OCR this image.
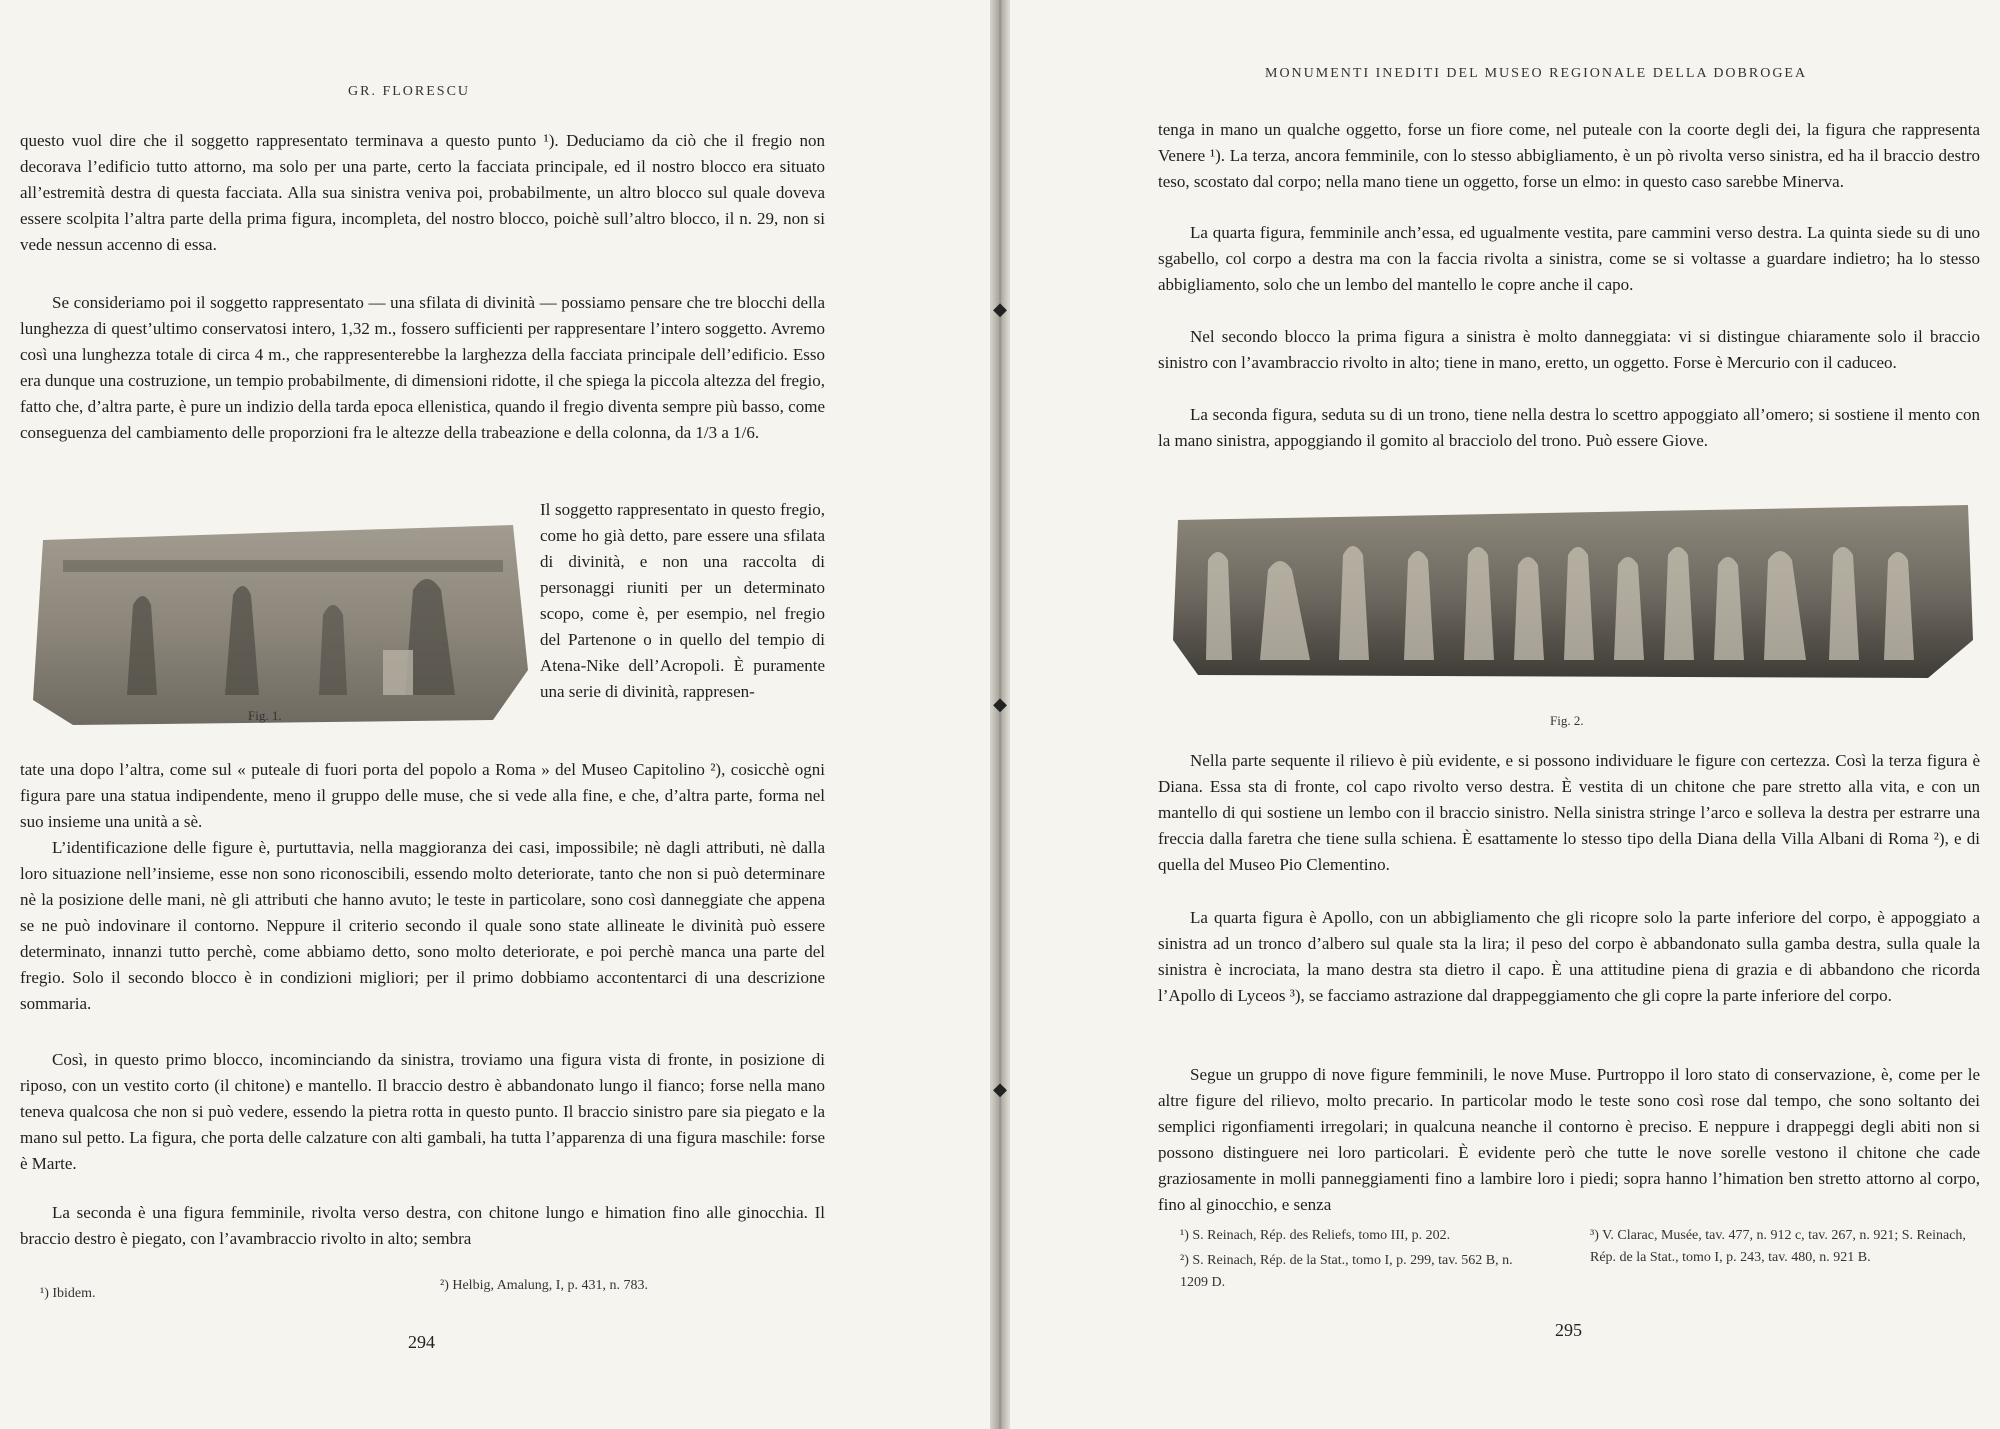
GR. FLORESCU

questo vuol dire che il soggetto rappresentato terminava a questo punto ¹). Deduciamo da ciò che il fregio non decorava l’edificio tutto attorno, ma solo per una parte, certo la facciata principale, ed il nostro blocco era situato all’estremità destra di questa facciata. Alla sua sinistra veniva poi, probabilmente, un altro blocco sul quale doveva essere scolpita l’altra parte della prima figura, incompleta, del nostro blocco, poichè sull’altro blocco, il n. 29, non si vede nessun accenno di essa.

Se consideriamo poi il soggetto rappresentato — una sfilata di divinità — possiamo pensare che tre blocchi della lunghezza di quest’ultimo conservatosi intero, 1,32 m., fossero sufficienti per rappresentare l’intero soggetto. Avremo così una lunghezza totale di circa 4 m., che rappresenterebbe la larghezza della facciata principale dell’edificio. Esso era dunque una costruzione, un tempio probabilmente, di dimensioni ridotte, il che spiega la piccola altezza del fregio, fatto che, d’altra parte, è pure un indizio della tarda epoca ellenistica, quando il fregio diventa sempre più basso, come conseguenza del cambiamento delle proporzioni fra le altezze della trabeazione e della colonna, da 1/3 a 1/6.

Fig. 1.

Il soggetto rappresentato in questo fregio, come ho già detto, pare essere una sfilata di divinità, e non una raccolta di personaggi riuniti per un determinato scopo, come è, per esempio, nel fregio del Partenone o in quello del tempio di Atena-Nike dell’Acropoli. È puramente una serie di divinità, rappresen-

tate una dopo l’altra, come sul « puteale di fuori porta del popolo a Roma » del Museo Capitolino ²), cosicchè ogni figura pare una statua indipendente, meno il gruppo delle muse, che si vede alla fine, e che, d’altra parte, forma nel suo insieme una unità a sè.

L’identificazione delle figure è, purtuttavia, nella maggioranza dei casi, impossibile; nè dagli attributi, nè dalla loro situazione nell’insieme, esse non sono riconoscibili, essendo molto deteriorate, tanto che non si può determinare nè la posizione delle mani, nè gli attributi che hanno avuto; le teste in particolare, sono così danneggiate che appena se ne può indovinare il contorno. Neppure il criterio secondo il quale sono state allineate le divinità può essere determinato, innanzi tutto perchè, come abbiamo detto, sono molto deteriorate, e poi perchè manca una parte del fregio. Solo il secondo blocco è in condizioni migliori; per il primo dobbiamo accontentarci di una descrizione sommaria.

Così, in questo primo blocco, incominciando da sinistra, troviamo una figura vista di fronte, in posizione di riposo, con un vestito corto (il chitone) e mantello. Il braccio destro è abbandonato lungo il fianco; forse nella mano teneva qualcosa che non si può vedere, essendo la pietra rotta in questo punto. Il braccio sinistro pare sia piegato e la mano sul petto. La figura, che porta delle calzature con alti gambali, ha tutta l’apparenza di una figura maschile: forse è Marte.

La seconda è una figura femminile, rivolta verso destra, con chitone lungo e himation fino alle ginocchia. Il braccio destro è piegato, con l’avambraccio rivolto in alto; sembra

¹) Ibidem.
²) Helbig, Amalung, I, p. 431, n. 783.
294
◆
◆
◆
MONUMENTI INEDITI DEL MUSEO REGIONALE DELLA DOBROGEA

tenga in mano un qualche oggetto, forse un fiore come, nel puteale con la coorte degli dei, la figura che rappresenta Venere ¹). La terza, ancora femminile, con lo stesso abbigliamento, è un pò rivolta verso sinistra, ed ha il braccio destro teso, scostato dal corpo; nella mano tiene un oggetto, forse un elmo: in questo caso sarebbe Minerva.

La quarta figura, femminile anch’essa, ed ugualmente vestita, pare cammini verso destra. La quinta siede su di uno sgabello, col corpo a destra ma con la faccia rivolta a sinistra, come se si voltasse a guardare indietro; ha lo stesso abbigliamento, solo che un lembo del mantello le copre anche il capo.

Nel secondo blocco la prima figura a sinistra è molto danneggiata: vi si distingue chiaramente solo il braccio sinistro con l’avambraccio rivolto in alto; tiene in mano, eretto, un oggetto. Forse è Mercurio con il caduceo.

La seconda figura, seduta su di un trono, tiene nella destra lo scettro appoggiato all’omero; si sostiene il mento con la mano sinistra, appoggiando il gomito al bracciolo del trono. Può essere Giove.

Fig. 2.

Nella parte sequente il rilievo è più evidente, e si possono individuare le figure con certezza. Così la terza figura è Diana. Essa sta di fronte, col capo rivolto verso destra. È vestita di un chitone che pare stretto alla vita, e con un mantello di qui sostiene un lembo con il braccio sinistro. Nella sinistra stringe l’arco e solleva la destra per estrarre una freccia dalla faretra che tiene sulla schiena. È esattamente lo stesso tipo della Diana della Villa Albani di Roma ²), e di quella del Museo Pio Clementino.

La quarta figura è Apollo, con un abbigliamento che gli ricopre solo la parte inferiore del corpo, è appoggiato a sinistra ad un tronco d’albero sul quale sta la lira; il peso del corpo è abbandonato sulla gamba destra, sulla quale la sinistra è incrociata, la mano destra sta dietro il capo. È una attitudine piena di grazia e di abbandono che ricorda l’Apollo di Lyceos ³), se facciamo astrazione dal drappeggiamento che gli copre la parte inferiore del corpo.

Segue un gruppo di nove figure femminili, le nove Muse. Purtroppo il loro stato di conservazione, è, come per le altre figure del rilievo, molto precario. In particolar modo le teste sono così rose dal tempo, che sono soltanto dei semplici rigonfiamenti irregolari; in qualcuna neanche il contorno è preciso. E neppure i drappeggi degli abiti non si possono distinguere nei loro particolari. È evidente però che tutte le nove sorelle vestono il chitone che cade graziosamente in molli panneggiamenti fino a lambire loro i piedi; sopra hanno l’himation ben stretto attorno al corpo, fino al ginocchio, e senza

¹) S. Reinach, Rép. des Reliefs, tomo III, p. 202.
²) S. Reinach, Rép. de la Stat., tomo I, p. 299, tav. 562 B, n. 1209 D.
³) V. Clarac, Musée, tav. 477, n. 912 c, tav. 267, n. 921; S. Reinach, Rép. de la Stat., tomo I, p. 243, tav. 480, n. 921 B.
295
